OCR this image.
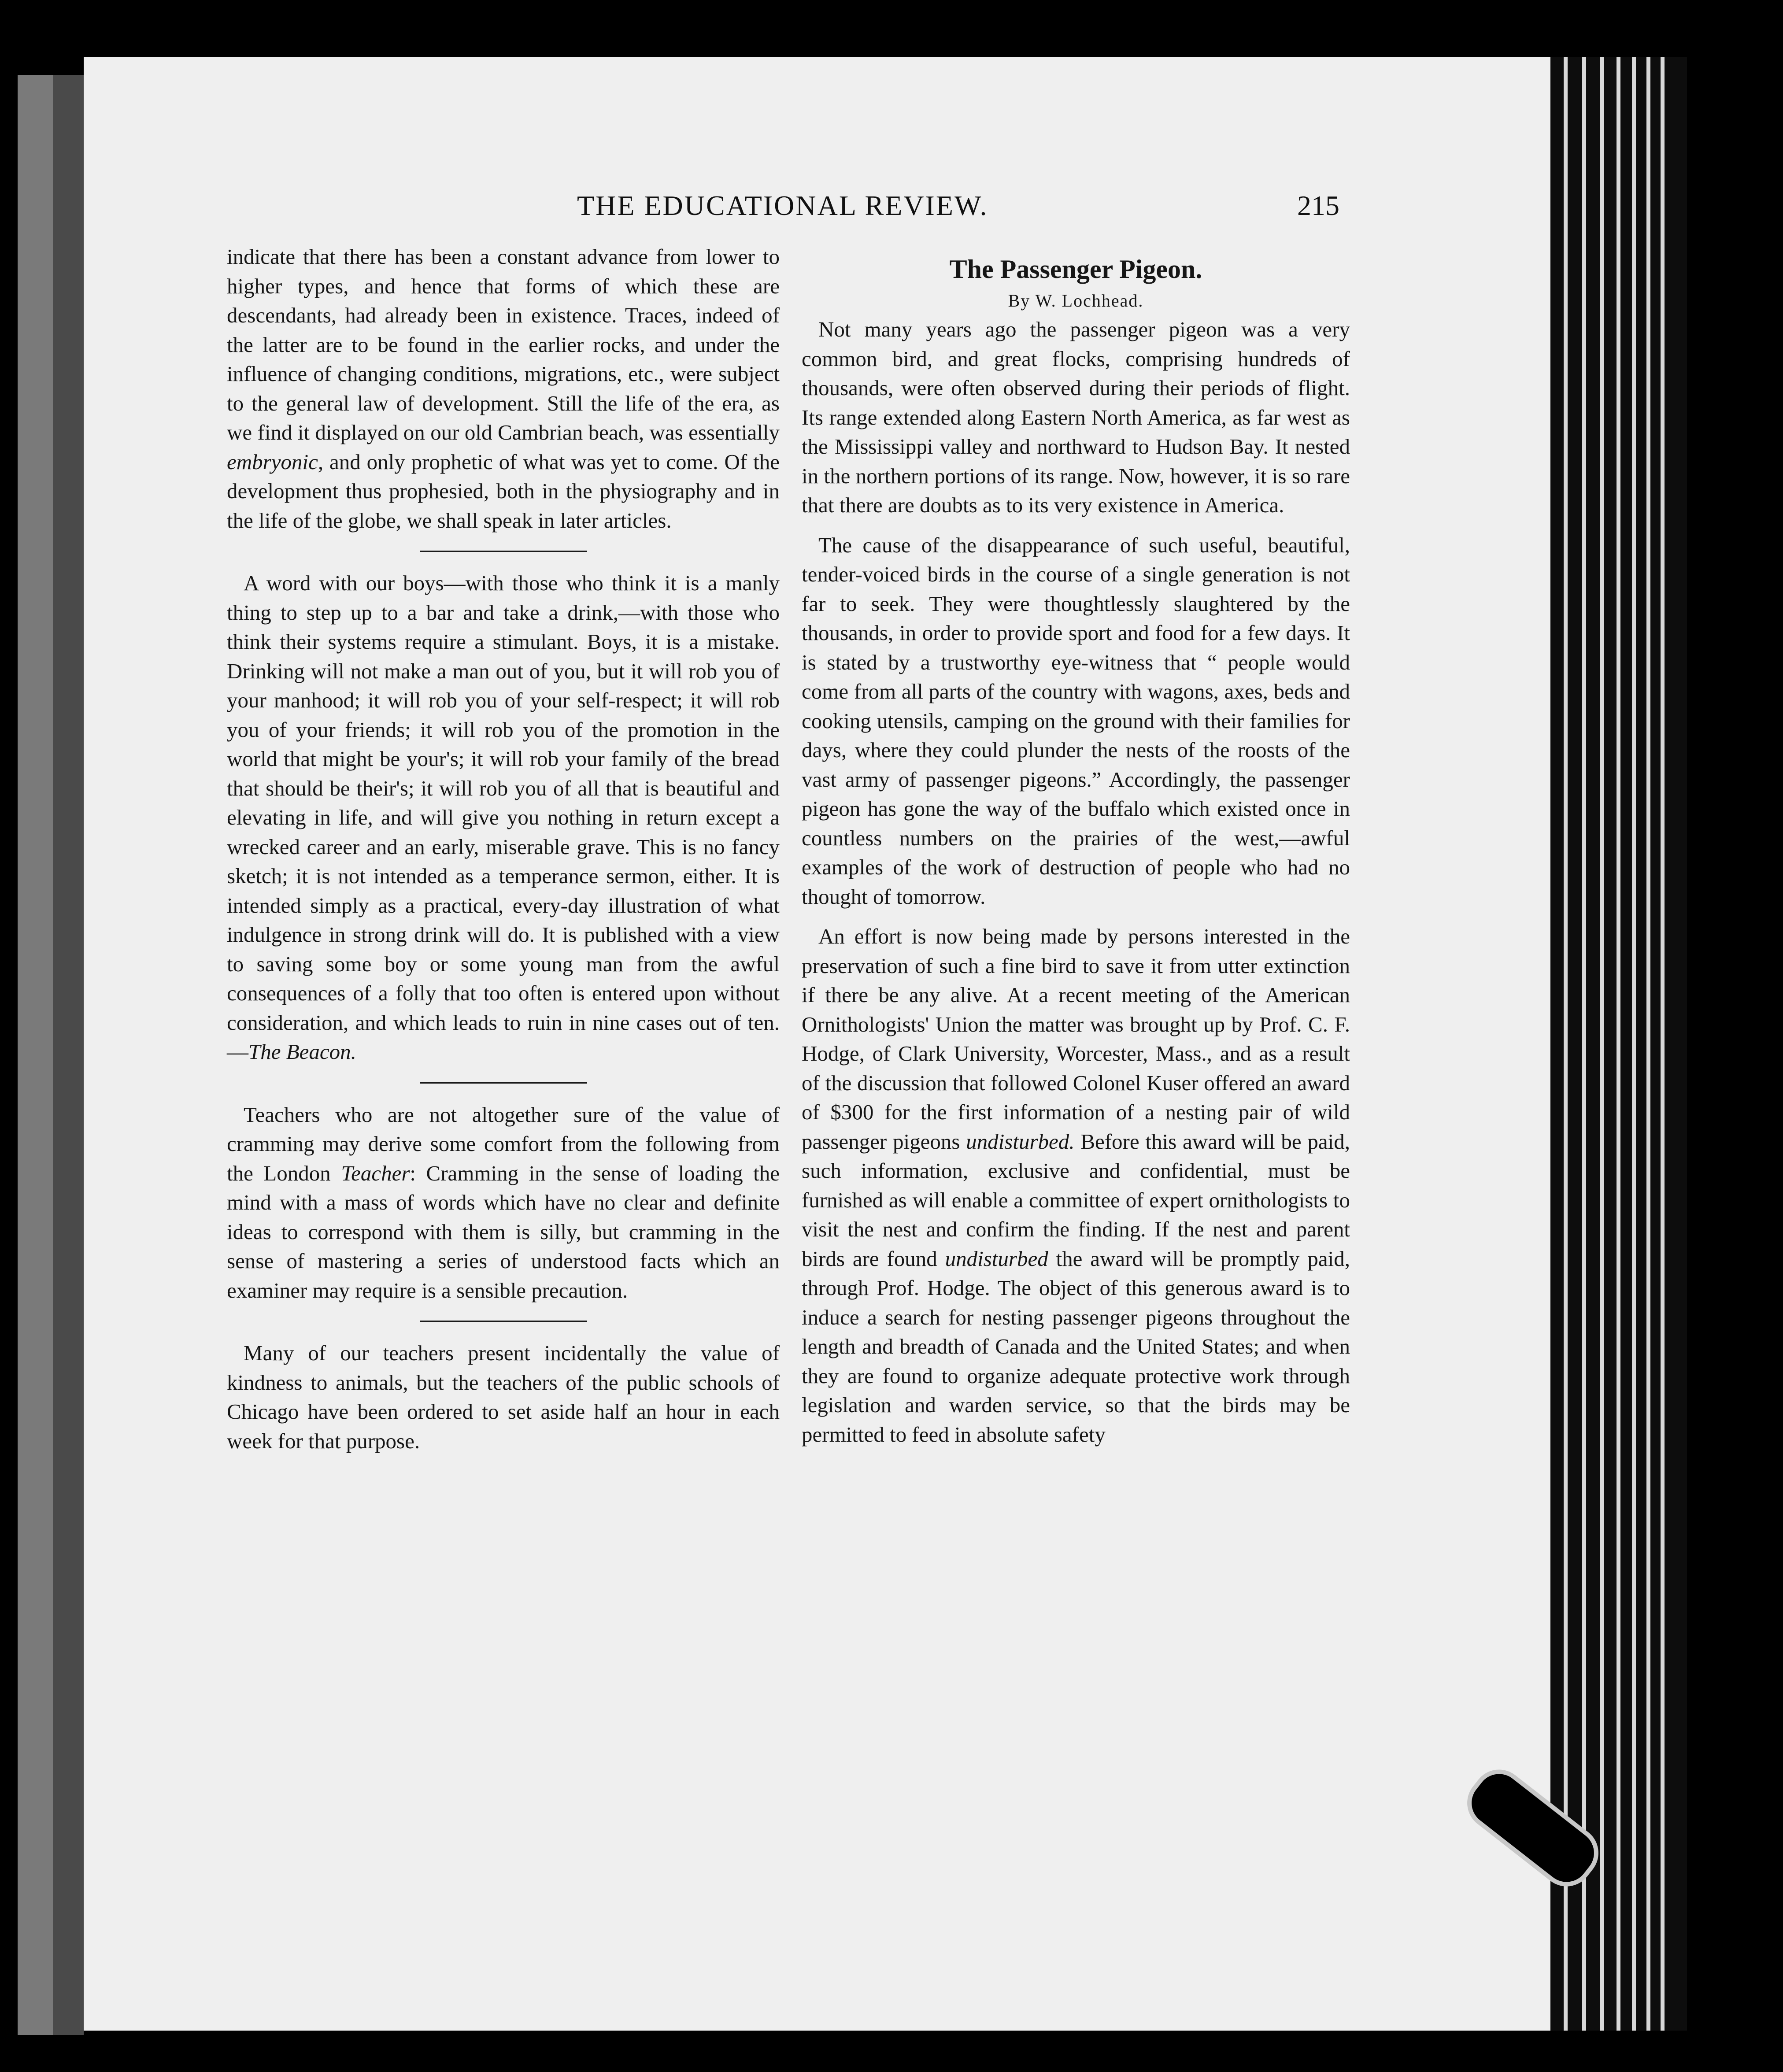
THE EDUCATIONAL REVIEW.	215

indicate that there has been a constant advance from lower to higher types, and hence that forms of which these are descendants, had already been in existence. Traces, indeed of the latter are to be found in the earlier rocks, and under the influence of changing conditions, migrations, etc., were subject to the general law of development. Still the life of the era, as we find it displayed on our old Cambrian beach, was essentially embryonic, and only prophetic of what was yet to come. Of the development thus prophesied, both in the physiography and in the life of the globe, we shall speak in later articles.

A word with our boys—with those who think it is a manly thing to step up to a bar and take a drink,—with those who think their systems require a stimulant. Boys, it is a mistake. Drinking will not make a man out of you, but it will rob you of your manhood; it will rob you of your self-respect; it will rob you of your friends; it will rob you of the promotion in the world that might be your's; it will rob your family of the bread that should be their's; it will rob you of all that is beautiful and elevating in life, and will give you nothing in return except a wrecked career and an early, miserable grave. This is no fancy sketch; it is not intended as a temperance sermon, either. It is intended simply as a practical, every-day illustration of what indulgence in strong drink will do. It is published with a view to saving some boy or some young man from the awful consequences of a folly that too often is entered upon without consideration, and which leads to ruin in nine cases out of ten.—The Beacon.

Teachers who are not altogether sure of the value of cramming may derive some comfort from the following from the London Teacher: Cramming in the sense of loading the mind with a mass of words which have no clear and definite ideas to correspond with them is silly, but cramming in the sense of mastering a series of understood facts which an examiner may require is a sensible precaution.

Many of our teachers present incidentally the value of kindness to animals, but the teachers of the public schools of Chicago have been ordered to set aside half an hour in each week for that purpose.

The Passenger Pigeon.
By W. Lochhead.

Not many years ago the passenger pigeon was a very common bird, and great flocks, comprising hundreds of thousands, were often observed during their periods of flight. Its range extended along Eastern North America, as far west as the Mississippi valley and northward to Hudson Bay. It nested in the northern portions of its range. Now, however, it is so rare that there are doubts as to its very existence in America.

The cause of the disappearance of such useful, beautiful, tender-voiced birds in the course of a single generation is not far to seek. They were thoughtlessly slaughtered by the thousands, in order to provide sport and food for a few days. It is stated by a trustworthy eye-witness that “ people would come from all parts of the country with wagons, axes, beds and cooking utensils, camping on the ground with their families for days, where they could plunder the nests of the roosts of the vast army of passenger pigeons.” Accordingly, the passenger pigeon has gone the way of the buffalo which existed once in countless numbers on the prairies of the west,—awful examples of the work of destruction of people who had no thought of tomorrow.

An effort is now being made by persons interested in the preservation of such a fine bird to save it from utter extinction if there be any alive. At a recent meeting of the American Ornithologists' Union the matter was brought up by Prof. C. F. Hodge, of Clark University, Worcester, Mass., and as a result of the discussion that followed Colonel Kuser offered an award of $300 for the first information of a nesting pair of wild passenger pigeons undisturbed. Before this award will be paid, such information, exclusive and confidential, must be furnished as will enable a committee of expert ornithologists to visit the nest and confirm the finding. If the nest and parent birds are found undisturbed the award will be promptly paid, through Prof. Hodge. The object of this generous award is to induce a search for nesting passenger pigeons throughout the length and breadth of Canada and the United States; and when they are found to organize adequate protective work through legislation and warden service, so that the birds may be permitted to feed in absolute safety
